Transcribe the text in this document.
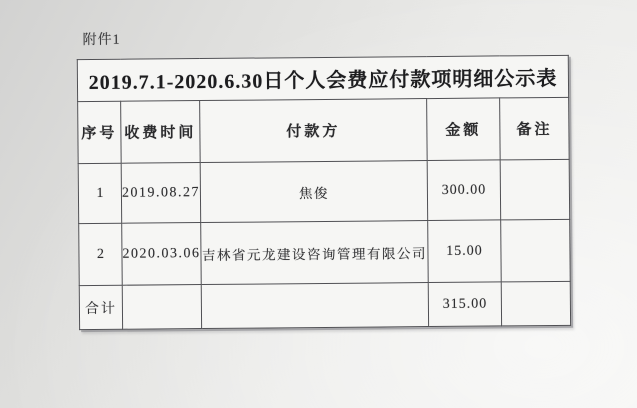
附件1
2019.7.1-2020.6.30日个人会费应付款项明细公示表				
序号	收费时间	付款方	金额	备注
1	2019.08.27	焦俊	300.00	
2	2020.03.06	吉林省元龙建设咨询管理有限公司	15.00	
合计			315.00	
